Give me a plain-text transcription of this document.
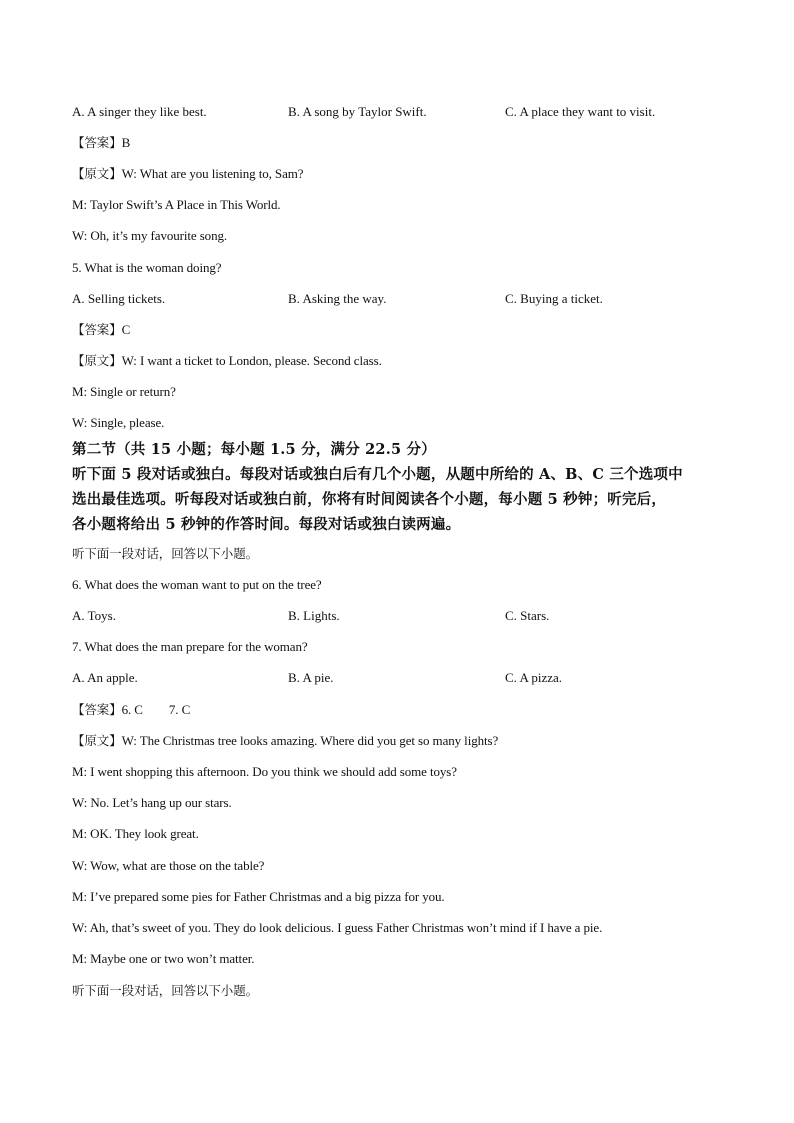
A. A singer they like best.	B. A song by Taylor Swift.	C. A place they want to visit.
【答案】B
【原文】W: What are you listening to, Sam?
M: Taylor Swift’s A Place in This World.
W: Oh, it’s my favourite song.
5. What is the woman doing?
A. Selling tickets.	B. Asking the way.	C. Buying a ticket.
【答案】C
【原文】W: I want a ticket to London, please. Second class.
M: Single or return?
W: Single, please.
第二节（共 15 小题；每小题 1.5 分，满分 22.5 分）
听下面 5 段对话或独白。每段对话或独白后有几个小题，从题中所给的 A、B、C 三个选项中
选出最佳选项。听每段对话或独白前，你将有时间阅读各个小题，每小题 5 秒钟；听完后，
各小题将给出 5 秒钟的作答时间。每段对话或独白读两遍。
听下面一段对话，回答以下小题。
6. What does the woman want to put on the tree?
A. Toys.	B. Lights.	C. Stars.
7. What does the man prepare for the woman?
A. An apple.	B. A pie.	C. A pizza.
【答案】6. C 7. C
【原文】W: The Christmas tree looks amazing. Where did you get so many lights?
M: I went shopping this afternoon. Do you think we should add some toys?
W: No. Let’s hang up our stars.
M: OK. They look great.
W: Wow, what are those on the table?
M: I’ve prepared some pies for Father Christmas and a big pizza for you.
W: Ah, that’s sweet of you. They do look delicious. I guess Father Christmas won’t mind if I have a pie.
M: Maybe one or two won’t matter.
听下面一段对话，回答以下小题。
